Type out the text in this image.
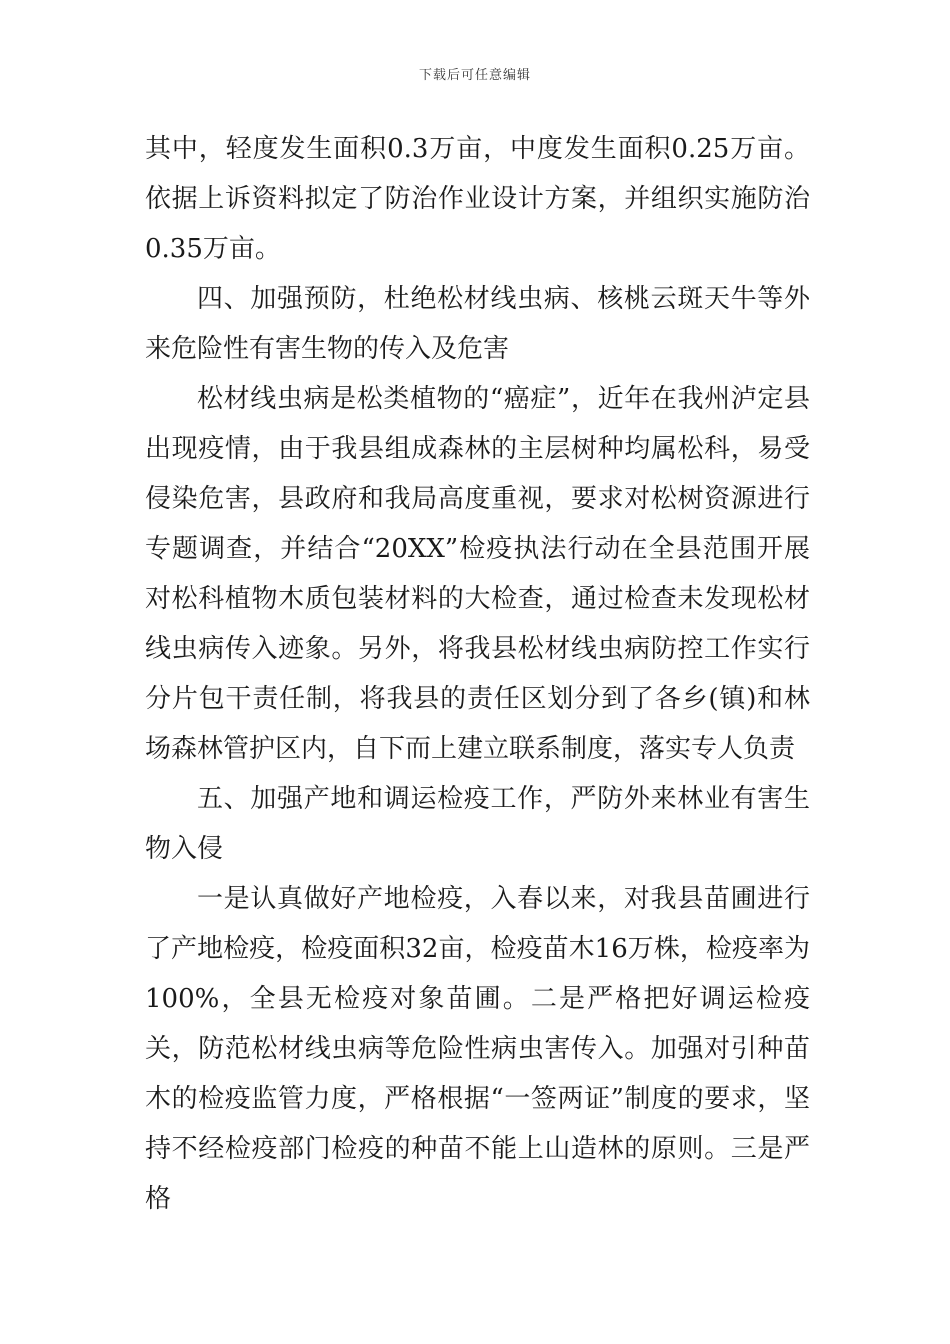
下载后可任意编辑

其中，轻度发生面积0.3万亩，中度发生面积0.25万亩。依据上诉资料拟定了防治作业设计方案，并组织实施防治0.35万亩。

四、加强预防，杜绝松材线虫病、核桃云斑天牛等外来危险性有害生物的传入及危害

松材线虫病是松类植物的“癌症”，近年在我州泸定县出现疫情，由于我县组成森林的主层树种均属松科，易受侵染危害，县政府和我局高度重视，要求对松树资源进行专题调查，并结合“20XX”检疫执法行动在全县范围开展对松科植物木质包装材料的大检查，通过检查未发现松材线虫病传入迹象。另外，将我县松材线虫病防控工作实行分片包干责任制，将我县的责任区划分到了各乡(镇)和林场森林管护区内，自下而上建立联系制度，落实专人负责

五、加强产地和调运检疫工作，严防外来林业有害生物入侵

一是认真做好产地检疫，入春以来，对我县苗圃进行了产地检疫，检疫面积32亩，检疫苗木16万株，检疫率为100%，全县无检疫对象苗圃。二是严格把好调运检疫关，防范松材线虫病等危险性病虫害传入。加强对引种苗木的检疫监管力度，严格根据“一签两证”制度的要求，坚持不经检疫部门检疫的种苗不能上山造林的原则。三是严格
